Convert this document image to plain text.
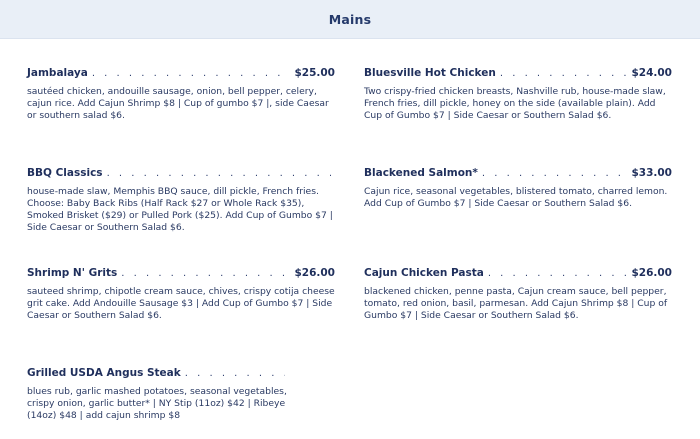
Mains
Jambalaya . . .	$25.00
sautéed chicken, andouille sausage, onion, bell pepper, celery, cajun rice. Add Cajun Shrimp $8 | Cup of gumbo $7 |, side Caesar or southern salad $6.
Bluesville Hot Chicken . . .	$24.00
Two crispy-fried chicken breasts, Nashville rub, house-made slaw, French fries, dill pickle, honey on the side (available plain). Add Cup of Gumbo $7 | Side Caesar or Southern Salad $6.
BBQ Classics
. . .
house-made slaw, Memphis BBQ sauce, dill pickle, French fries. Choose: Baby Back Ribs (Half Rack $27 or Whole Rack $35), Smoked Brisket ($29) or Pulled Pork ($25). Add Cup of Gumbo $7 | Side Caesar or Southern Salad $6.
Blackened Salmon* . . .	$33.00
Cajun rice, seasonal vegetables, blistered tomato, charred lemon. Add Cup of Gumbo $7 | Side Caesar or Southern Salad $6.
Shrimp N' Grits . . .	$26.00
sauteed shrimp, chipotle cream sauce, chives, crispy cotija cheese grit cake. Add Andouille Sausage $3 | Add Cup of Gumbo $7 | Side Caesar or Southern Salad $6.
Cajun Chicken Pasta . . .	$26.00
blackened chicken, penne pasta, Cajun cream sauce, bell pepper, tomato, red onion, basil, parmesan. Add Cajun Shrimp $8 | Cup of Gumbo $7 | Side Caesar or Southern Salad $6.
Grilled USDA Angus Steak
. . .
blues rub, garlic mashed potatoes, seasonal vegetables, crispy onion, garlic butter* | NY Stip (11oz) $42 | Ribeye (14oz) $48 | add cajun shrimp $8
